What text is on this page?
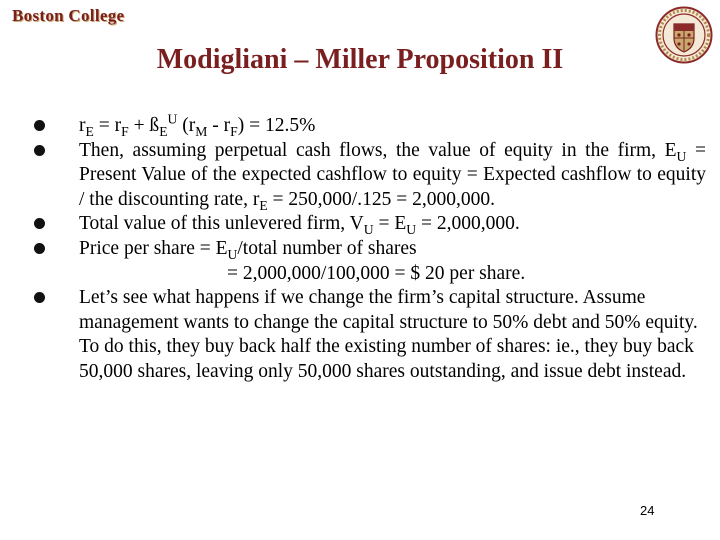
Boston College
Modigliani – Miller Proposition II
$r_E = r_F$ + $ß_E^U$ $(r_M - r_F) = 12.5\%$
Then, assuming perpetual cash flows, the value of equity in the firm, $E_U$ = Present Value of the expected cashflow to equity = Expected cashflow to equity / the discounting rate, $r_E = 250,000/.125 = 2,000,000$.
Total value of this unlevered firm, $V_U = E_U = 2,000,000$.
Price per share = $E_U$/total number of shares
= 2,000,000/100,000 = $ 20 per share.
Let’s see what happens if we change the firm’s capital structure. Assume management wants to change the capital structure to 50% debt and 50% equity. To do this, they buy back half the existing number of shares: ie., they buy back 50,000 shares, leaving only 50,000 shares outstanding, and issue debt instead.
24
